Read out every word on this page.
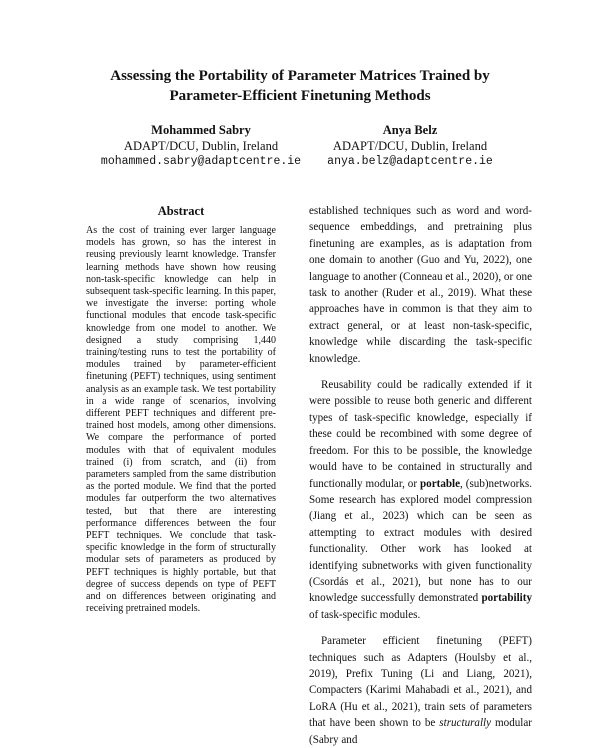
Assessing the Portability of Parameter Matrices Trained by
Parameter-Efficient Finetuning Methods
Mohammed Sabry
ADAPT/DCU, Dublin, Ireland
mohammed.sabry@adaptcentre.ie
Anya Belz
ADAPT/DCU, Dublin, Ireland
anya.belz@adaptcentre.ie
Abstract

As the cost of training ever larger language models has grown, so has the interest in reusing previously learnt knowledge. Transfer learning methods have shown how reusing non-task-specific knowledge can help in subsequent task-specific learning. In this paper, we investigate the inverse: porting whole functional modules that encode task-specific knowledge from one model to another. We designed a study comprising 1,440 training/testing runs to test the portability of modules trained by parameter-efficient finetuning (PEFT) techniques, using sentiment analysis as an example task. We test portability in a wide range of scenarios, involving different PEFT techniques and different pre-trained host models, among other dimensions. We compare the performance of ported modules with that of equivalent modules trained (i) from scratch, and (ii) from parameters sampled from the same distribution as the ported module. We find that the ported modules far outperform the two alternatives tested, but that there are interesting performance differences between the four PEFT techniques. We conclude that task-specific knowledge in the form of structurally modular sets of parameters as produced by PEFT techniques is highly portable, but that degree of success depends on type of PEFT and on differences between originating and receiving pretrained models.

established techniques such as word and word-sequence embeddings, and pretraining plus finetuning are examples, as is adaptation from one domain to another (Guo and Yu, 2022), one language to another (Conneau et al., 2020), or one task to another (Ruder et al., 2019). What these approaches have in common is that they aim to extract general, or at least non-task-specific, knowledge while discarding the task-specific knowledge.

Reusability could be radically extended if it were possible to reuse both generic and different types of task-specific knowledge, especially if these could be recombined with some degree of freedom. For this to be possible, the knowledge would have to be contained in structurally and functionally modular, or portable, (sub)networks. Some research has explored model compression (Jiang et al., 2023) which can be seen as attempting to extract modules with desired functionality. Other work has looked at identifying subnetworks with given functionality (Csordás et al., 2021), but none has to our knowledge successfully demonstrated portability of task-specific modules.

Parameter efficient finetuning (PEFT) techniques such as Adapters (Houlsby et al., 2019), Prefix Tuning (Li and Liang, 2021), Compacters (Karimi Mahabadi et al., 2021), and LoRA (Hu et al., 2021), train sets of parameters that have been shown to be structurally modular (Sabry and
